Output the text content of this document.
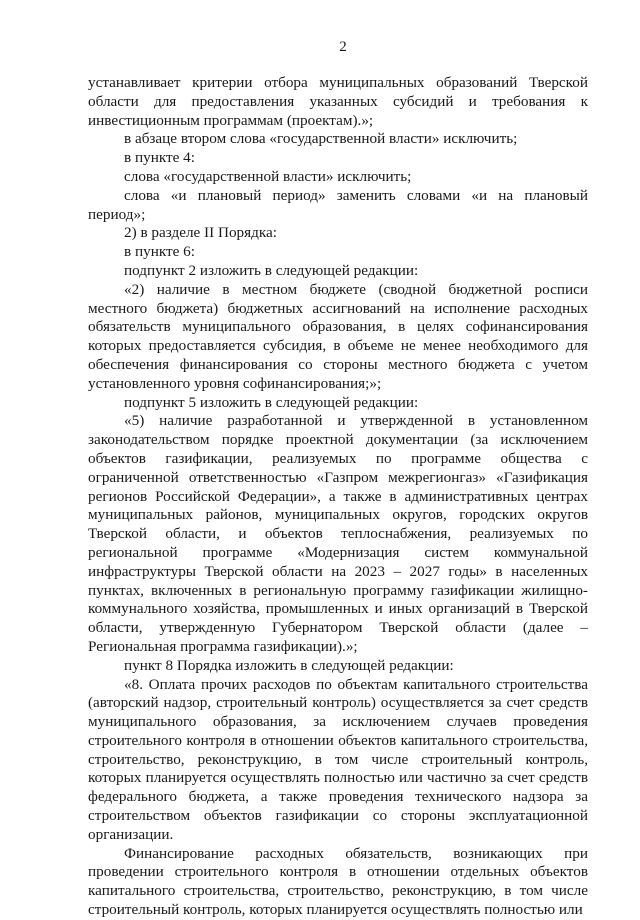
2

устанавливает критерии отбора муниципальных образований Тверской области для предоставления указанных субсидий и требования к инвестиционным программам (проектам).»;

в абзаце втором слова «государственной власти» исключить;

в пункте 4:

слова «государственной власти» исключить;

слова «и плановый период» заменить словами «и на плановый период»;

2) в разделе II Порядка:

в пункте 6:

подпункт 2 изложить в следующей редакции:

«2) наличие в местном бюджете (сводной бюджетной росписи местного бюджета) бюджетных ассигнований на исполнение расходных обязательств муниципального образования, в целях софинансирования которых предоставляется субсидия, в объеме не менее необходимого для обеспечения финансирования со стороны местного бюджета с учетом установленного уровня софинансирования;»;

подпункт 5 изложить в следующей редакции:

«5) наличие разработанной и утвержденной в установленном законодательством порядке проектной документации (за исключением объектов газификации, реализуемых по программе общества с ограниченной ответственностью «Газпром межрегионгаз» «Газификация регионов Российской Федерации», а также в административных центрах муниципальных районов, муниципальных округов, городских округов Тверской области, и объектов теплоснабжения, реализуемых по региональной программе «Модернизация систем коммунальной инфраструктуры Тверской области на 2023 – 2027 годы» в населенных пунктах, включенных в региональную программу газификации жилищно-коммунального хозяйства, промышленных и иных организаций в Тверской области, утвержденную Губернатором Тверской области (далее – Региональная программа газификации).»;

пункт 8 Порядка изложить в следующей редакции:

«8. Оплата прочих расходов по объектам капитального строительства (авторский надзор, строительный контроль) осуществляется за счет средств муниципального образования, за исключением случаев проведения строительного контроля в отношении объектов капитального строительства, строительство, реконструкцию, в том числе строительный контроль, которых планируется осуществлять полностью или частично за счет средств федерального бюджета, а также проведения технического надзора за строительством объектов газификации со стороны эксплуатационной организации.

Финансирование расходных обязательств, возникающих при проведении строительного контроля в отношении отдельных объектов капитального строительства, строительство, реконструкцию, в том числе строительный контроль, которых планируется осуществлять полностью или
